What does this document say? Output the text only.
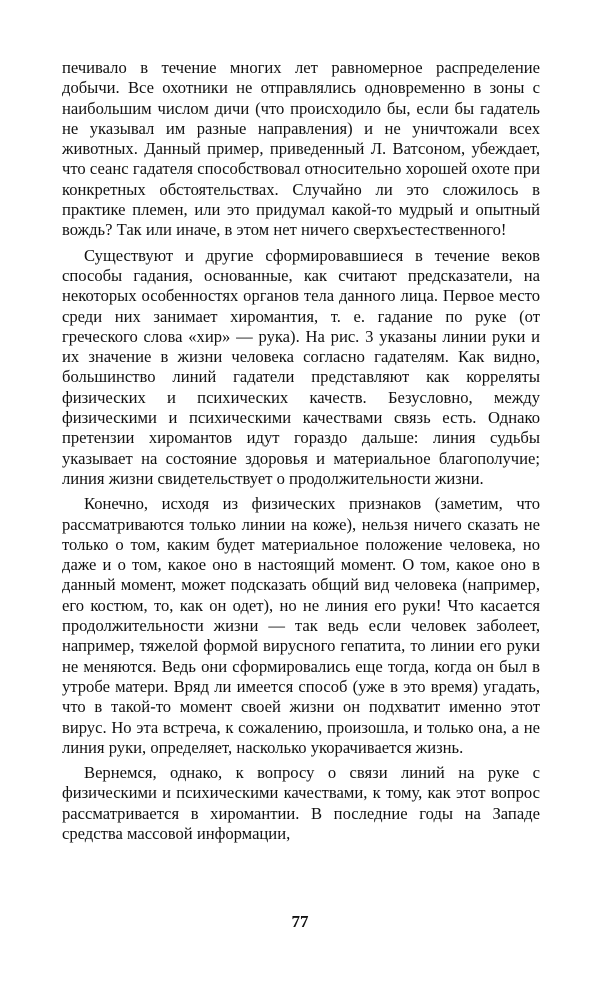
печивало в течение многих лет равномерное распределение добычи. Все охотники не отправлялись одновременно в зоны с наибольшим числом дичи (что происходило бы, если бы гадатель не указывал им разные направления) и не уничтожали всех животных. Данный пример, приведенный Л. Ватсоном, убеждает, что сеанс гадателя способствовал относительно хорошей охоте при конкретных обстоятельствах. Случайно ли это сложилось в практике племен, или это придумал какой-то мудрый и опытный вождь? Так или иначе, в этом нет ничего сверхъестественного!

Существуют и другие сформировавшиеся в течение веков способы гадания, основанные, как считают предсказатели, на некоторых особенностях органов тела данного лица. Первое место среди них занимает хиромантия, т. е. гадание по руке (от греческого слова «хир» — рука). На рис. 3 указаны линии руки и их значение в жизни человека согласно гадателям. Как видно, большинство линий гадатели представляют как корреляты физических и психических качеств. Безусловно, между физическими и психическими качествами связь есть. Однако претензии хиромантов идут гораздо дальше: линия судьбы указывает на состояние здоровья и материальное благополучие; линия жизни свидетельствует о продолжительности жизни.

Конечно, исходя из физических признаков (заметим, что рассматриваются только линии на коже), нельзя ничего сказать не только о том, каким будет материальное положение человека, но даже и о том, какое оно в настоящий момент. О том, какое оно в данный момент, может подсказать общий вид человека (например, его костюм, то, как он одет), но не линия его руки! Что касается продолжительности жизни — так ведь если человек заболеет, например, тяжелой формой вирусного гепатита, то линии его руки не меняются. Ведь они сформировались еще тогда, когда он был в утробе матери. Вряд ли имеется способ (уже в это время) угадать, что в такой-то момент своей жизни он подхватит именно этот вирус. Но эта встреча, к сожалению, произошла, и только она, а не линия руки, определяет, насколько укорачивается жизнь.

Вернемся, однако, к вопросу о связи линий на руке с физическими и психическими качествами, к тому, как этот вопрос рассматривается в хиромантии. В последние годы на Западе средства массовой информации,

77
